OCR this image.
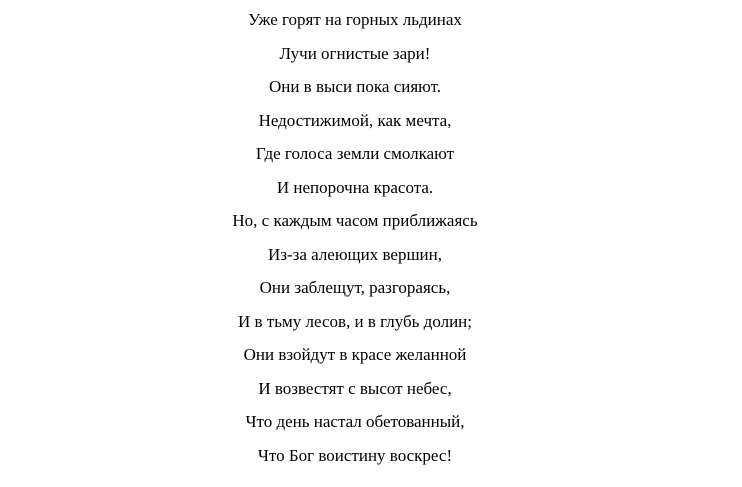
Уже горят на горных льдинах
Лучи огнистые зари!
Они в выси пока сияют.
Недостижимой, как мечта,
Где голоса земли смолкают
И непорочна красота.
Но, с каждым часом приближаясь
Из-за алеющих вершин,
Они заблещут, разгораясь,
И в тьму лесов, и в глубь долин;
Они взойдут в красе желанной
И возвестят с высот небес,
Что день настал обетованный,
Что Бог воистину воскрес!
